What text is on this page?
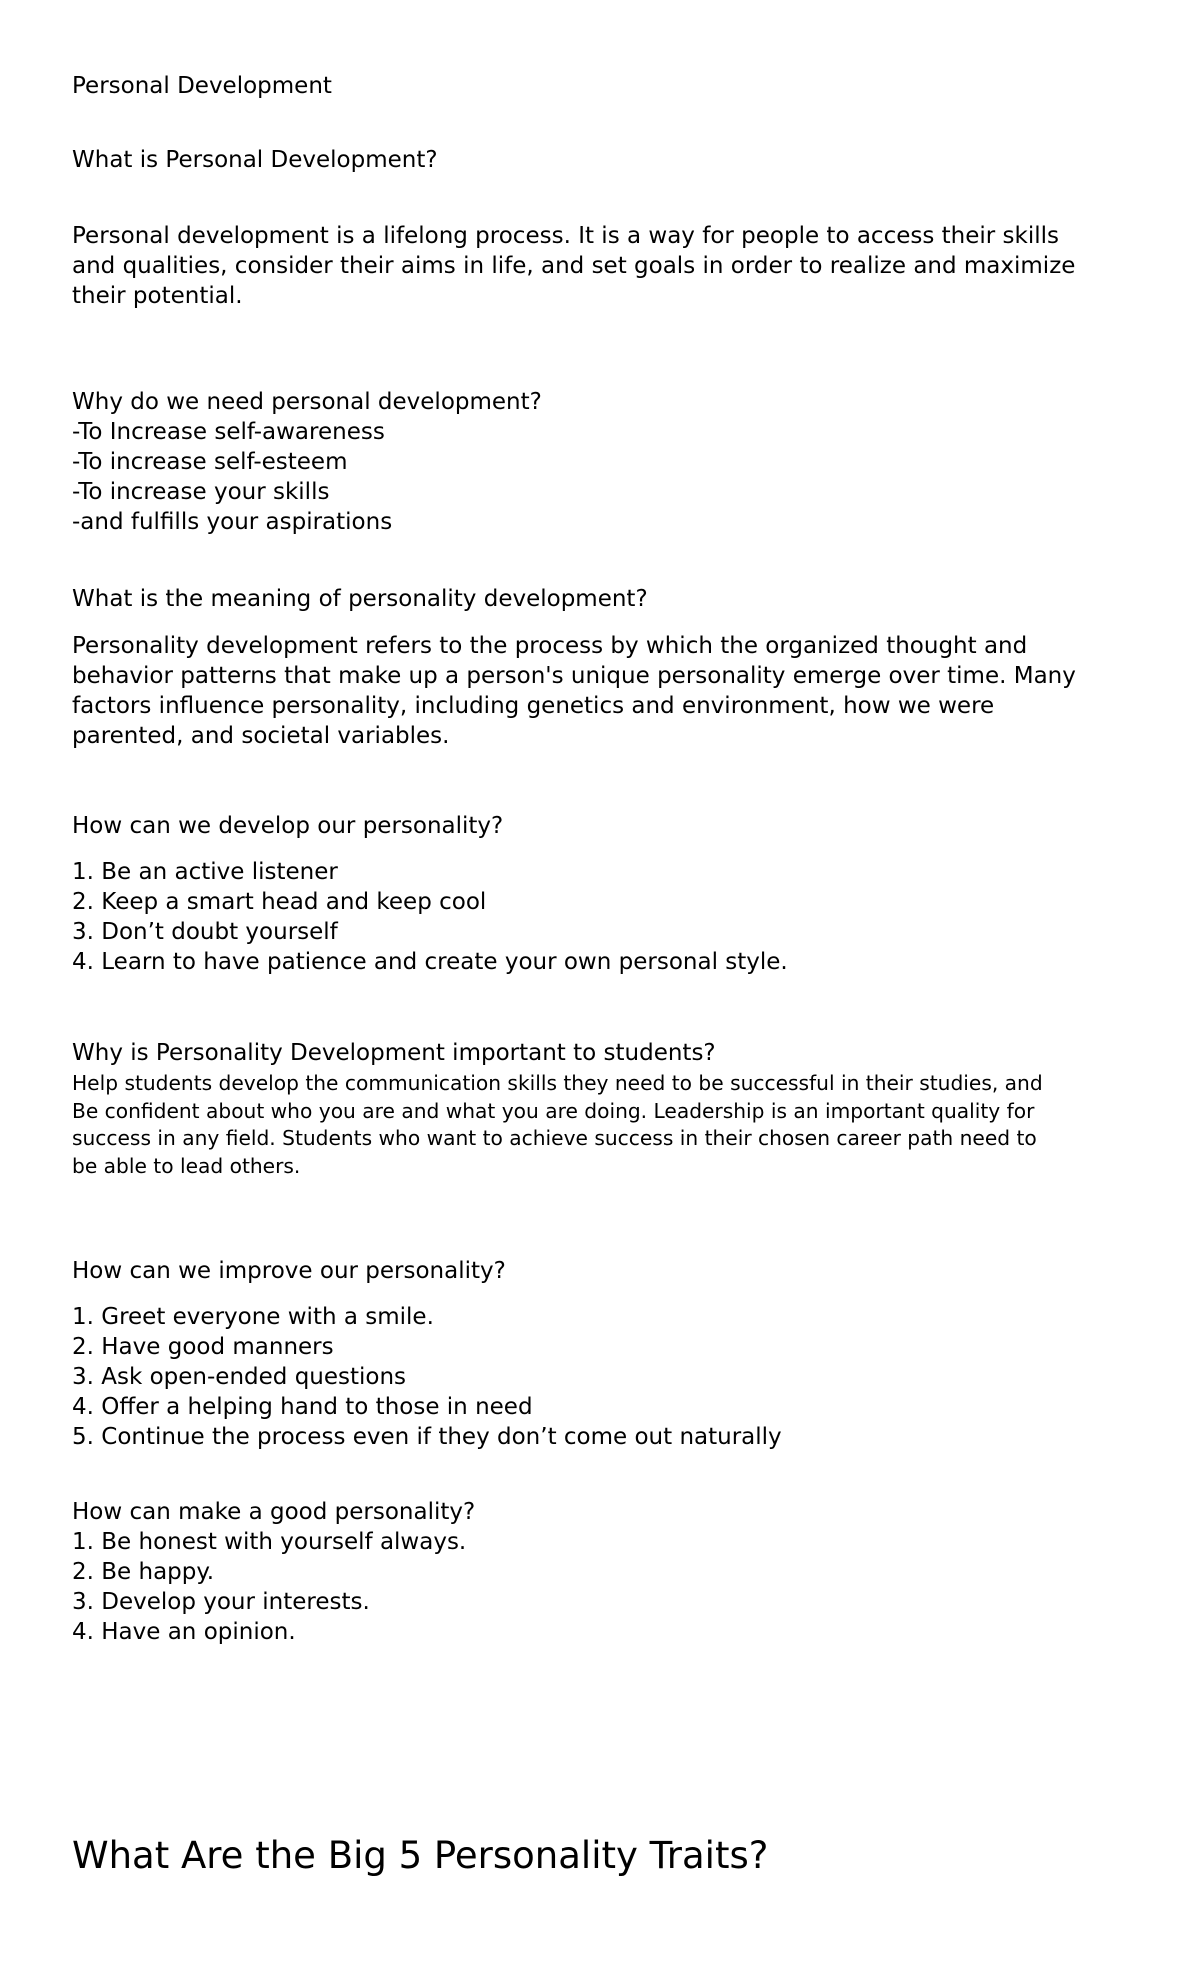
Personal Development

What is Personal Development?

Personal development is a lifelong process. It is a way for people to access their skills
and qualities, consider their aims in life, and set goals in order to realize and maximize
their potential.
Why do we need personal development?
-To Increase self-awareness
-To increase self-esteem
-To increase your skills
-and fulfills your aspirations

What is the meaning of personality development?

Personality development refers to the process by which the organized thought and
behavior patterns that make up a person's unique personality emerge over time. Many
factors influence personality, including genetics and environment, how we were
parented, and societal variables.

How can we develop our personality?

1. Be an active listener
2. Keep a smart head and keep cool
3. Don’t doubt yourself
4. Learn to have patience and create your own personal style.

Why is Personality Development important to students?

Help students develop the communication skills they need to be successful in their studies, and
Be confident about who you are and what you are doing. Leadership is an important quality for
success in any field. Students who want to achieve success in their chosen career path need to
be able to lead others.

How can we improve our personality?

1. Greet everyone with a smile.
2. Have good manners
3. Ask open-ended questions
4. Offer a helping hand to those in need
5. Continue the process even if they don’t come out naturally
How can make a good personality?
1. Be honest with yourself always.
2. Be happy.
3. Develop your interests.
4. Have an opinion.
What Are the Big 5 Personality Traits?
